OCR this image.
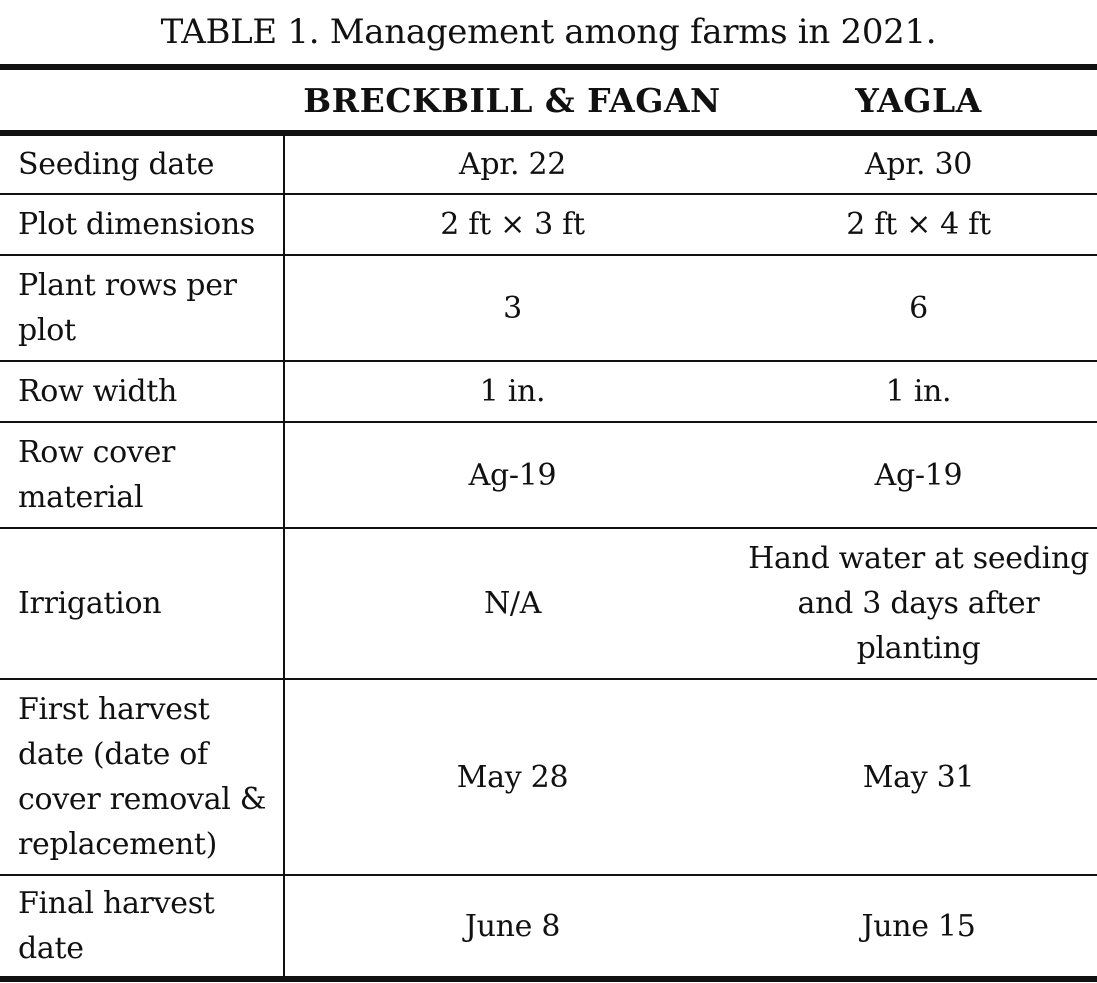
TABLE 1. Management among farms in 2021.
	BRECKBILL & FAGAN	YAGLA
Seeding date	Apr. 22	Apr. 30
Plot dimensions	2 ft × 3 ft	2 ft × 4 ft
Plant rows per plot	3	6
Row width	1 in.	1 in.
Row cover material	Ag-19	Ag-19
Irrigation	N/A	Hand water at seeding and 3 days after planting
First harvest date (date of cover removal & replacement)	May 28	May 31
Final harvest date	June 8	June 15
